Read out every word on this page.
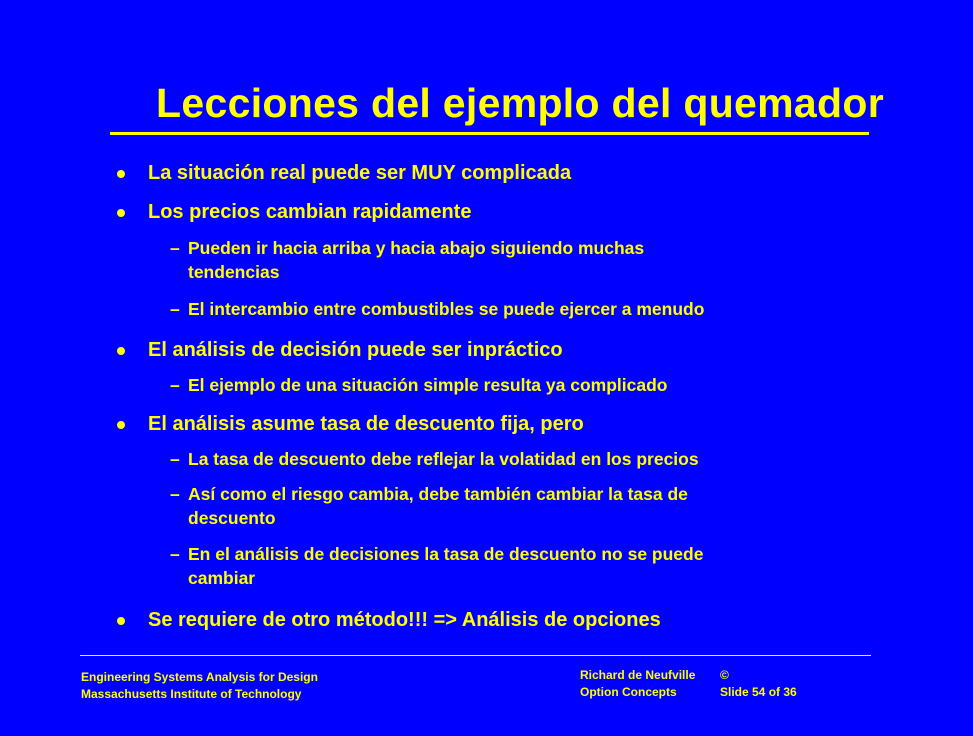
Lecciones del ejemplo del quemador
La situación real puede ser MUY complicada
Los precios cambian rapidamente
– Pueden ir hacia arriba y hacia abajo siguiendo muchas
tendencias
– El intercambio entre combustibles se puede ejercer a menudo
El análisis de decisión puede ser inpráctico
– El ejemplo de una situación simple resulta ya complicado
El análisis asume tasa de descuento fija, pero
– La tasa de descuento debe reflejar la volatidad en los precios
– Así como el riesgo cambia, debe también cambiar la tasa de
descuento
– En el análisis de decisiones la tasa de descuento no se puede
cambiar
Se requiere de otro método!!! => Análisis de opciones
Engineering Systems Analysis for Design
Massachusetts Institute of Technology
Richard de Neufville ©
Option Concepts	Slide 54 of 36
